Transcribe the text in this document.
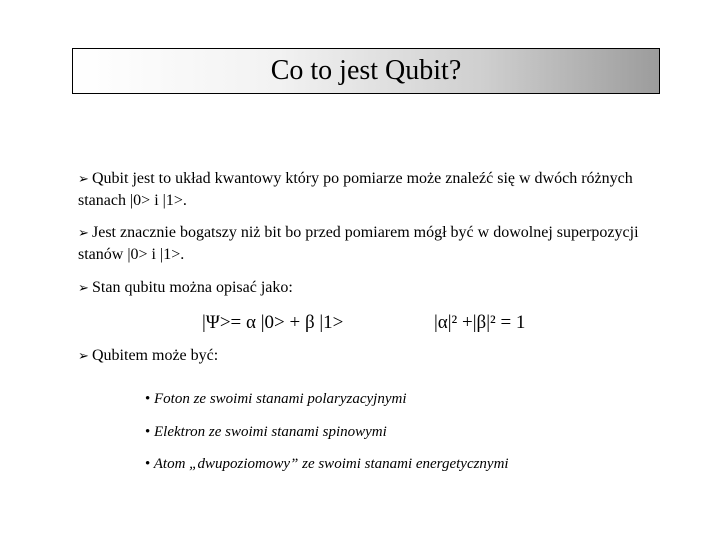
Co to jest Qubit?
➢ Qubit jest to układ kwantowy który po pomiarze może znaleźć się w dwóch różnych stanach |0> i |1>.
➢ Jest znacznie bogatszy niż bit bo przed pomiarem mógł być w dowolnej superpozycji stanów |0> i |1>.
➢ Stan qubitu można opisać jako:
|Ψ>= α |0> + β |1>	|α|² +|β|² = 1
➢ Qubitem może być:
• Foton ze swoimi stanami polaryzacyjnymi
• Elektron ze swoimi stanami spinowymi
• Atom „dwupoziomowy” ze swoimi stanami energetycznymi
